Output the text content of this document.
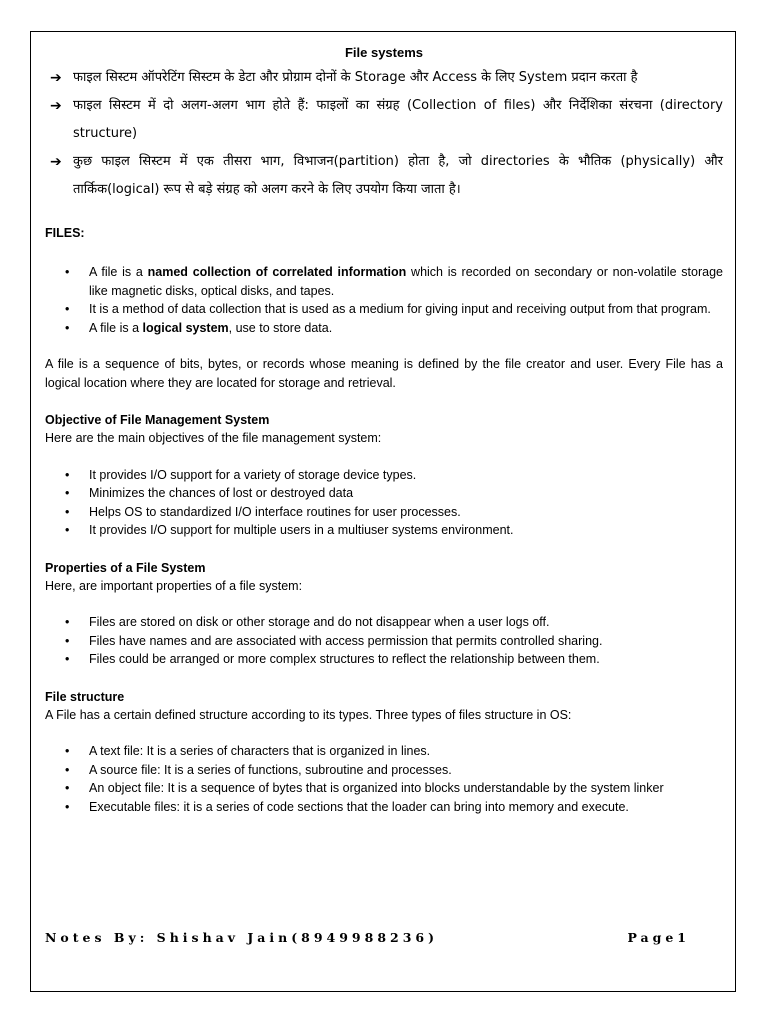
File systems

➔ फाइल सिस्टम ऑपरेटिंग सिस्टम के डेटा और प्रोग्राम दोनों के Storage और Access के लिए System प्रदान करता है
➔ फाइल सिस्टम में दो अलग-अलग भाग होते हैं: फाइलों का संग्रह (Collection of files) और निर्देशिका संरचना (directory structure)
➔ कुछ फाइल सिस्टम में एक तीसरा भाग, विभाजन(partition) होता है, जो directories के भौतिक (physically) और तार्किक(logical) रूप से बड़े संग्रह को अलग करने के लिए उपयोग किया जाता है।

FILES:

• A file is a named collection of correlated information which is recorded on secondary or non-volatile storage like magnetic disks, optical disks, and tapes.
• It is a method of data collection that is used as a medium for giving input and receiving output from that program.
• A file is a logical system, use to store data.

A file is a sequence of bits, bytes, or records whose meaning is defined by the file creator and user. Every File has a logical location where they are located for storage and retrieval.

Objective of File Management System

Here are the main objectives of the file management system:

• It provides I/O support for a variety of storage device types.
• Minimizes the chances of lost or destroyed data
• Helps OS to standardized I/O interface routines for user processes.
• It provides I/O support for multiple users in a multiuser systems environment.

Properties of a File System

Here, are important properties of a file system:

• Files are stored on disk or other storage and do not disappear when a user logs off.
• Files have names and are associated with access permission that permits controlled sharing.
• Files could be arranged or more complex structures to reflect the relationship between them.

File structure

A File has a certain defined structure according to its types. Three types of files structure in OS:

• A text file: It is a series of characters that is organized in lines.
• A source file: It is a series of functions, subroutine and processes.
• An object file: It is a sequence of bytes that is organized into blocks understandable by the system linker
• Executable files: it is a series of code sections that the loader can bring into memory and execute.
Notes By: Shishav Jain(8949988236)	Page1
